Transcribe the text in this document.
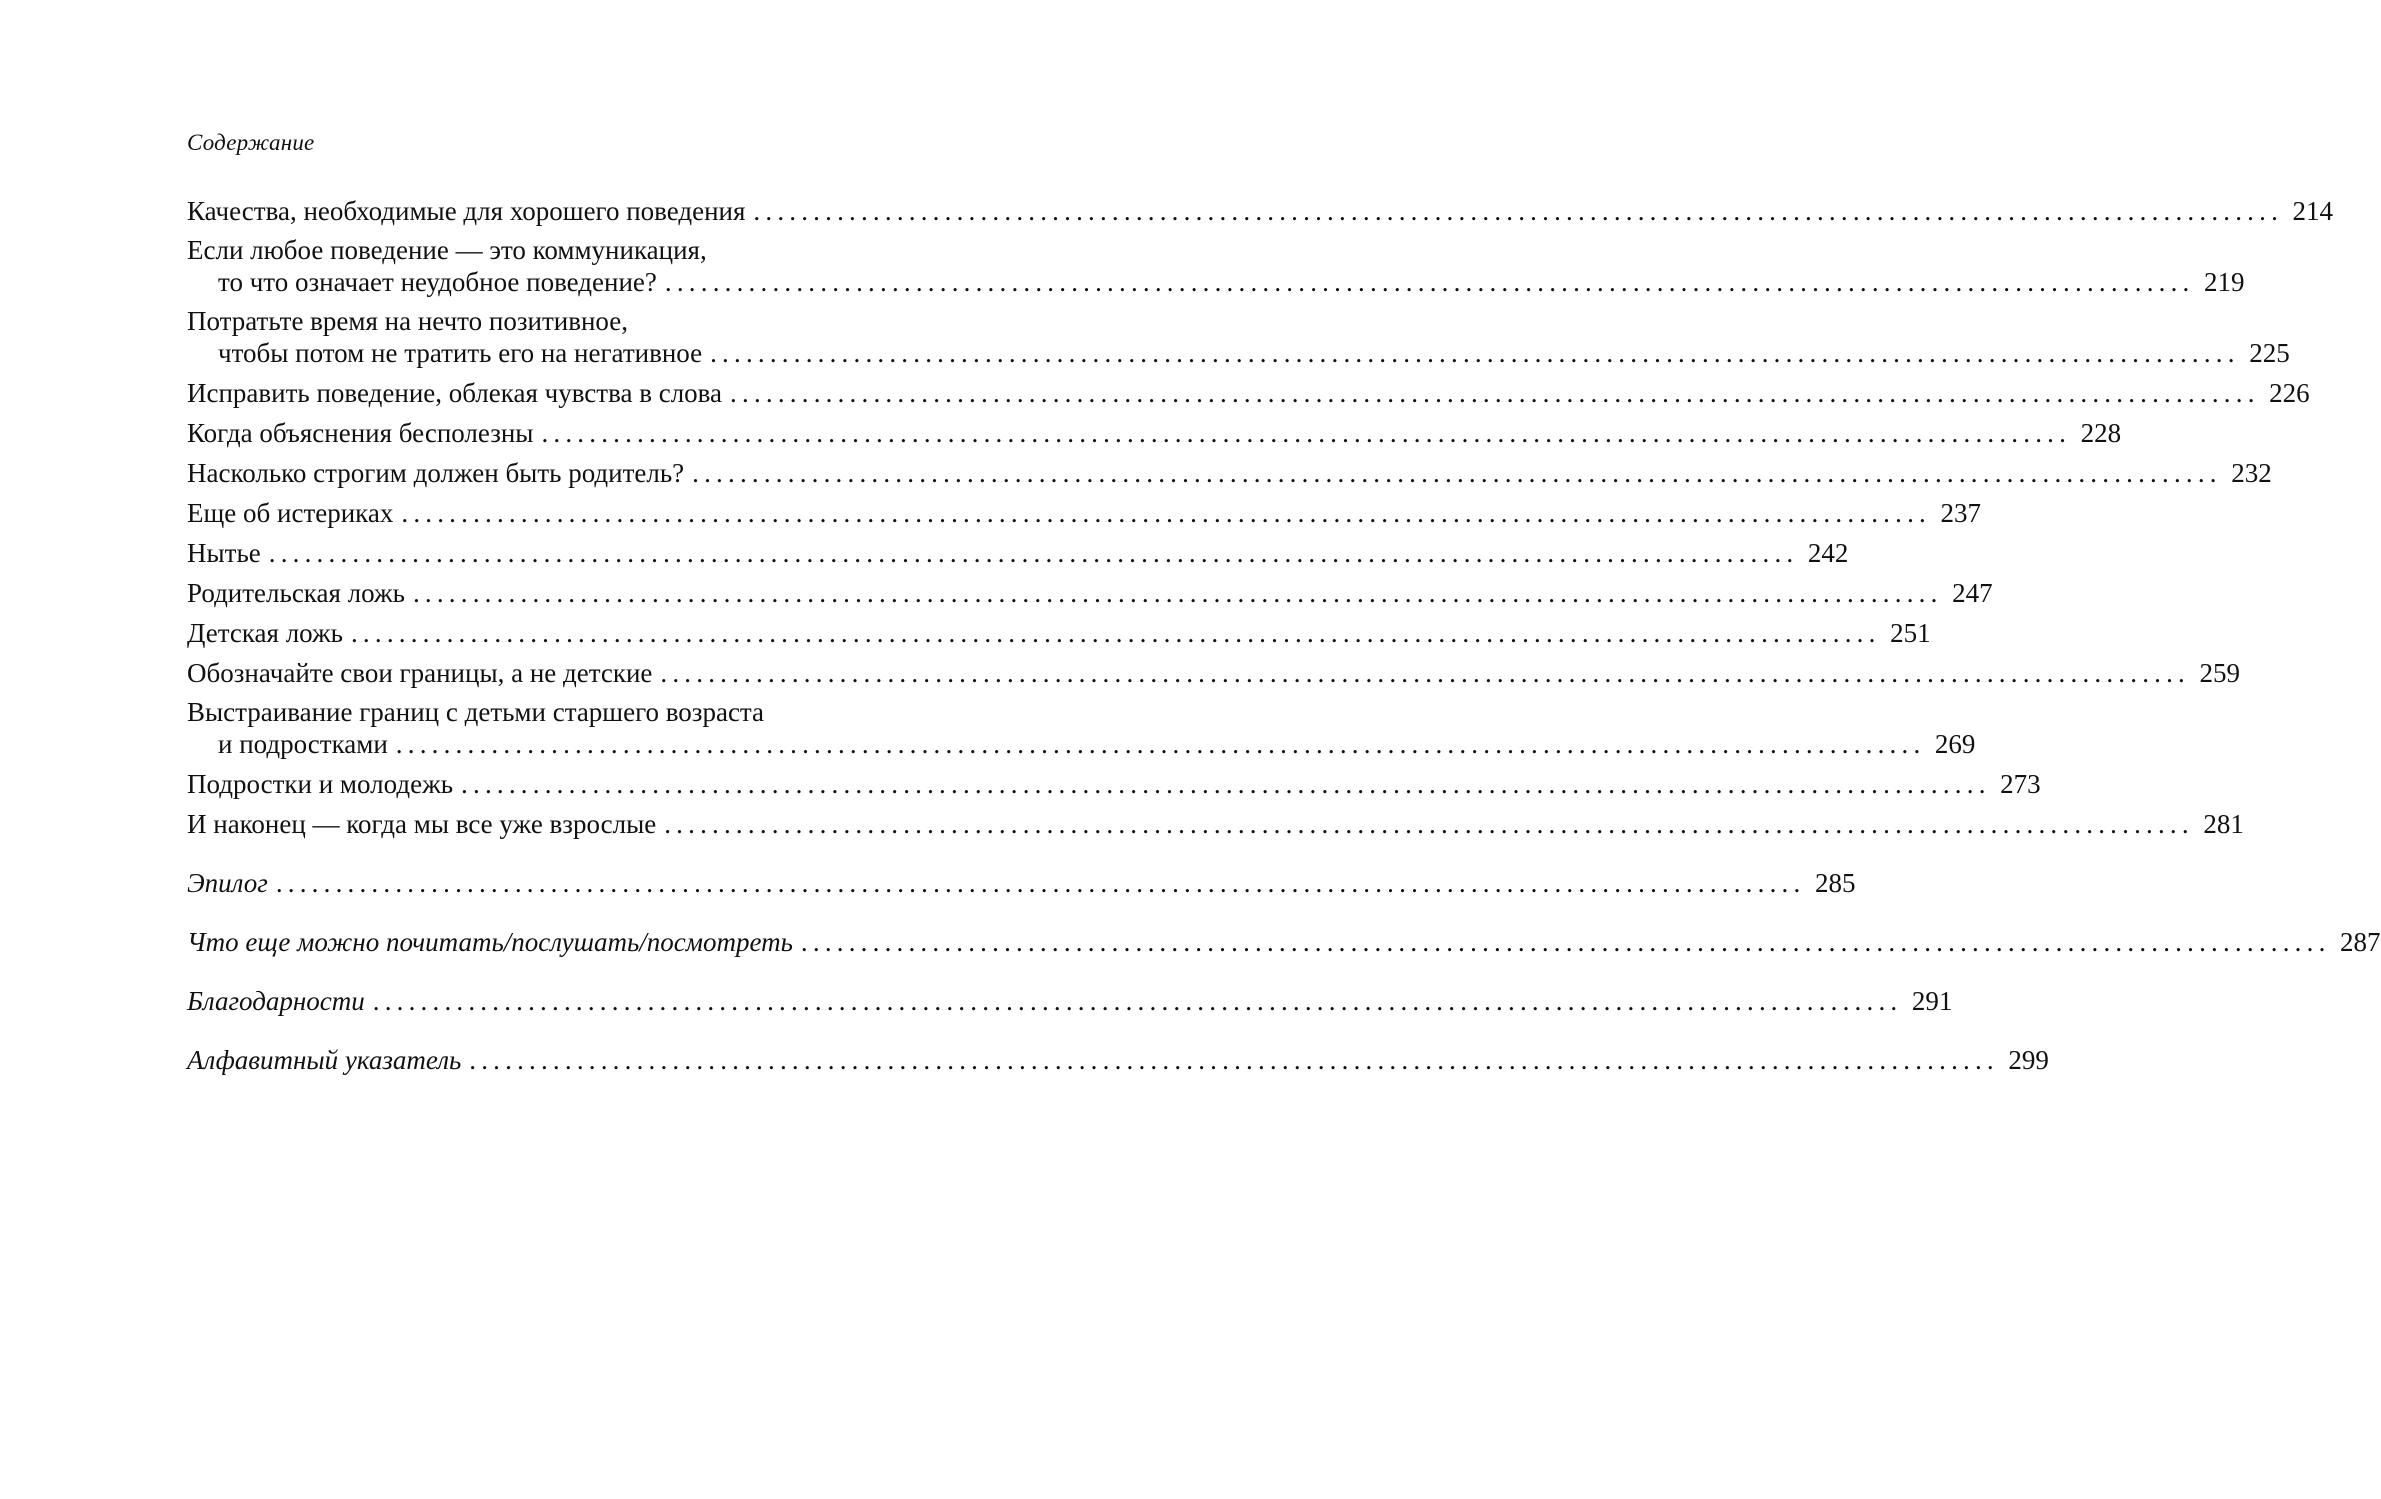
Содержание
Качества, необходимые для хорошего поведения ................................................................................................................................ 214
Если любое поведение — это коммуникация,
то что означает неудобное поведение? ................................................................................................................................ 219
Потратьте время на нечто позитивное,
чтобы потом не тратить его на негативное ................................................................................................................................ 225
Исправить поведение, облекая чувства в слова ................................................................................................................................ 226
Когда объяснения бесполезны ................................................................................................................................ 228
Насколько строгим должен быть родитель? ................................................................................................................................ 232
Еще об истериках ................................................................................................................................ 237
Нытье ................................................................................................................................ 242
Родительская ложь ................................................................................................................................ 247
Детская ложь ................................................................................................................................ 251
Обозначайте свои границы, а не детские ................................................................................................................................ 259
Выстраивание границ с детьми старшего возраста
и подростками ................................................................................................................................ 269
Подростки и молодежь ................................................................................................................................ 273
И наконец — когда мы все уже взрослые ................................................................................................................................ 281
Эпилог ................................................................................................................................ 285
Что еще можно почитать/послушать/посмотреть ................................................................................................................................ 287
Благодарности ................................................................................................................................ 291
Алфавитный указатель ................................................................................................................................ 299
